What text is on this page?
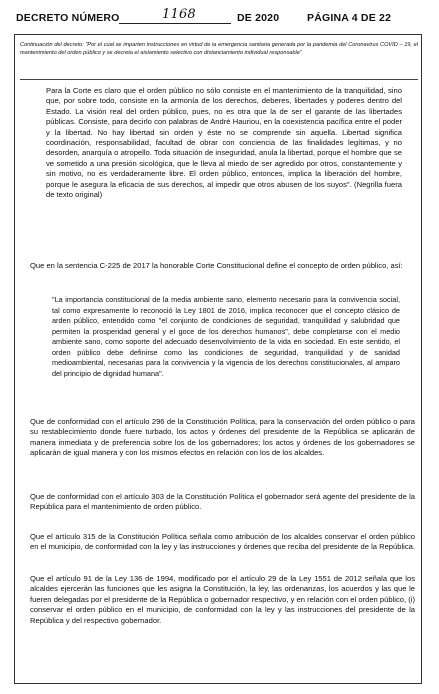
DECRETO NÚMERO	1168	DE 2020	PÁGINA 4 DE 22
Continuación del decreto: "Por el cual se imparten instrucciones en virtud de la emergencia sanitaria generada por la pandemia del Coronavirus COVID – 19, el mantenimiento del orden público y se decreta el aislamiento selectivo con distanciamiento individual responsable"

Para la Corte es claro que el orden público no sólo consiste en el mantenimiento de la tranquilidad, sino que, por sobre todo, consiste en la armonía de los derechos, deberes, libertades y poderes dentro del Estado. La visión real del orden público, pues, no es otra que la de ser el garante de las libertades públicas. Consiste, para decirlo con palabras de André Hauriou, en la coexistencia pacífica entre el poder y la libertad. No hay libertad sin orden y éste no se comprende sin aquella. Libertad significa coordinación, responsabilidad, facultad de obrar con conciencia de las finalidades legítimas, y no desorden, anarquía o atropello. Toda situación de inseguridad, anula la libertad, porque el hombre que se ve sometido a una presión sicológica, que le lleva al miedo de ser agredido por otros, constantemente y sin motivo, no es verdaderamente libre. El orden público, entonces, implica la liberación del hombre, porque le asegura la eficacia de sus derechos, al impedir que otros abusen de los suyos". (Negrilla fuera de texto original)

Que en la sentencia C-225 de 2017 la honorable Corte Constitucional define el concepto de orden público, así:

"La importancia constitucional de la media ambiente sano, elemento necesario para la convivencia social, tal como expresamente lo reconoció la Ley 1801 de 2016, implica reconocer que el concepto clásico de arden público, entendido como "el conjunto de condiciones de seguridad, tranquilidad y salubridad que permiten la prosperidad general y el goce de los derechos humanos", debe completarse con el medio ambiente sano, como soporte del adecuado desenvolvimiento de la vida en sociedad. En este sentido, el orden público debe definirse como las condiciones de seguridad, tranquilidad y de sanidad medioambiental, necesarias para la convivencia y la vigencia de los derechos constitucionales, al amparo del principio de dignidad humana".

Que de conformidad con el artículo 296 de la Constitución Política, para la conservación del orden público o para su restablecimiento donde fuere turbado, los actos y órdenes del presidente de la República se aplicarán de manera inmediata y de preferencia sobre los de los gobernadores; los actos y órdenes de los gobernadores se aplicarán de igual manera y con los mismos efectos en relación con los de los alcaldes.

Que de conformidad con el artículo 303 de la Constitución Política el gobernador será agente del presidente de la República para el mantenimiento de orden público.

Que el artículo 315 de la Constitución Política señala como atribución de los alcaldes conservar el orden público en el municipio, de conformidad con la ley y las instrucciones y órdenes que reciba del presidente de la República.

Que el artículo 91 de la Ley 136 de 1994, modificado por el artículo 29 de la Ley 1551 de 2012 señala que los alcaldes ejercerán las funciones que les asigna la Constitución, la ley, las ordenanzas, los acuerdos y las que le fueren delegadas por el presidente de la República o gobernador respectivo, y en relación con el orden público, (i) conservar el orden público en el municipio, de conformidad con la ley y las instrucciones del presidente de la República y del respectivo gobernador.
